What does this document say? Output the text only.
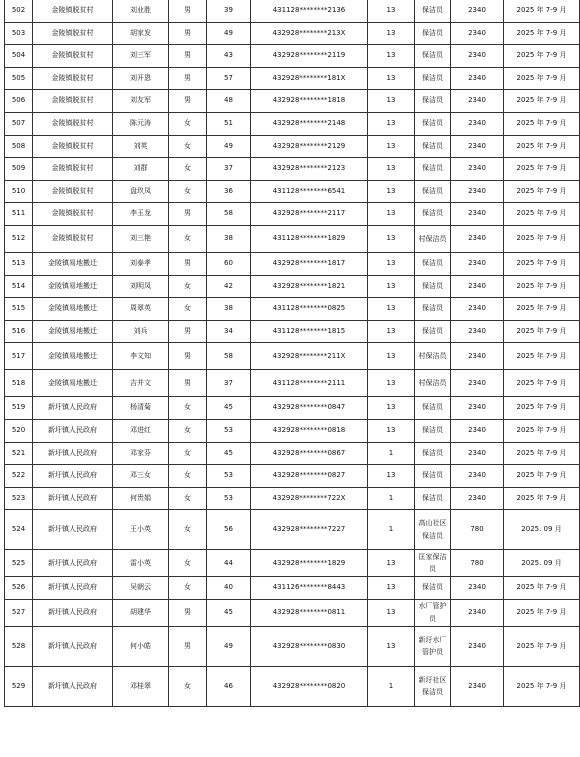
502	金陵镇脱贫村	刘业胜	男	39	431128********2136	13	保洁员	2340	2025 年 7-9 月
503	金陵镇脱贫村	胡家发	男	49	432928********213X	13	保洁员	2340	2025 年 7-9 月
504	金陵镇脱贫村	刘三军	男	43	432928********2119	13	保洁员	2340	2025 年 7-9 月
505	金陵镇脱贫村	刘开恩	男	57	432928********181X	13	保洁员	2340	2025 年 7-9 月
506	金陵镇脱贫村	刘友军	男	48	432928********1818	13	保洁员	2340	2025 年 7-9 月
507	金陵镇脱贫村	陈元涛	女	51	432928********2148	13	保洁员	2340	2025 年 7-9 月
508	金陵镇脱贫村	刘英	女	49	432928********2129	13	保洁员	2340	2025 年 7-9 月
509	金陵镇脱贫村	刘群	女	37	432928********2123	13	保洁员	2340	2025 年 7-9 月
510	金陵镇脱贫村	盘玖凤	女	36	431128********6541	13	保洁员	2340	2025 年 7-9 月
511	金陵镇脱贫村	李玉龙	男	58	432928********2117	13	保洁员	2340	2025 年 7-9 月
512	金陵镇脱贫村	刘三艳	女	38	431128********1829	13	村保洁员	2340	2025 年 7-9 月
513	金陵镇易地搬迁	刘泰孝	男	60	432928********1817	13	保洁员	2340	2025 年 7-9 月
514	金陵镇易地搬迁	刘明凤	女	42	432928********1821	13	保洁员	2340	2025 年 7-9 月
515	金陵镇易地搬迁	周翠英	女	38	431128********0825	13	保洁员	2340	2025 年 7-9 月
516	金陵镇易地搬迁	刘兵	男	34	431128********1815	13	保洁员	2340	2025 年 7-9 月
517	金陵镇易地搬迁	李文知	男	58	432928********211X	13	村保洁员	2340	2025 年 7-9 月
518	金陵镇易地搬迁	吉井文	男	37	431128********2111	13	村保洁员	2340	2025 年 7-9 月
519	新圩镇人民政府	杨清菊	女	45	432928********0847	13	保洁员	2340	2025 年 7-9 月
520	新圩镇人民政府	邓进红	女	53	432928********0818	13	保洁员	2340	2025 年 7-9 月
521	新圩镇人民政府	邓家芬	女	45	432928********0867	1	保洁员	2340	2025 年 7-9 月
522	新圩镇人民政府	邓三女	女	53	432928********0827	13	保洁员	2340	2025 年 7-9 月
523	新圩镇人民政府	何贵娟	女	53	432928********722X	1	保洁员	2340	2025 年 7-9 月
524	新圩镇人民政府	王小英	女	56	432928********7227	1	高山社区保洁员	780	2025. 09 月
525	新圩镇人民政府	雷小英	女	44	432928********1829	13	匡家保洁员	780	2025. 09 月
526	新圩镇人民政府	吴朝云	女	40	431126********8443	13	保洁员	2340	2025 年 7-9 月
527	新圩镇人民政府	胡建华	男	45	432928********0811	13	水厂管护员	2340	2025 年 7-9 月
528	新圩镇人民政府	何小皓	男	49	432928********0830	13	新圩水厂管护员	2340	2025 年 7-9 月
529	新圩镇人民政府	邓桂翠	女	46	432928********0820	1	新圩社区保洁员	2340	2025 年 7-9 月
